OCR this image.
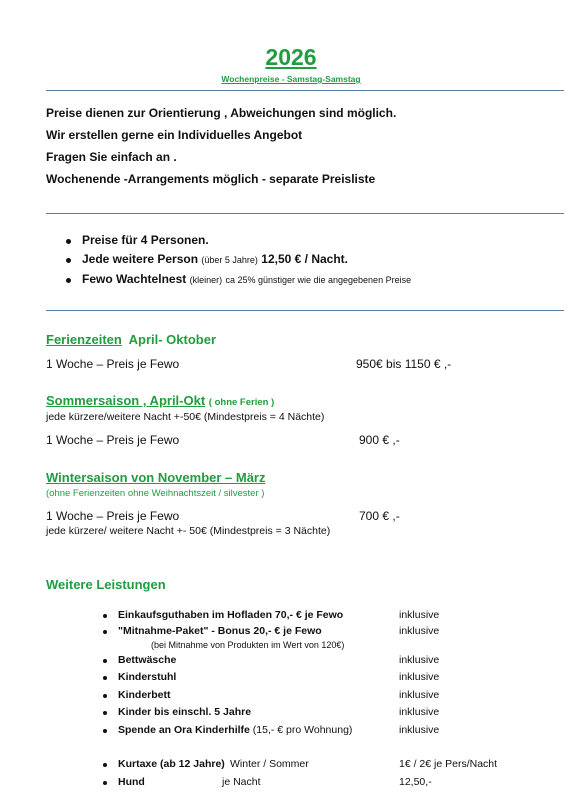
2026
Wochenpreise - Samstag-Samstag
Preise dienen zur Orientierung , Abweichungen sind möglich.
Wir erstellen gerne ein Individuelles Angebot
Fragen Sie einfach an .
Wochenende -Arrangements möglich - separate Preisliste
Preise für 4 Personen.
Jede weitere Person (über 5 Jahre) 12,50 € / Nacht.
Fewo Wachtelnest (kleiner) ca 25% günstiger wie die angegebenen Preise
Ferienzeiten April- Oktober
1 Woche – Preis je Fewo	950€ bis 1150 € ,-
Sommersaison , April-Okt ( ohne Ferien )
jede kürzere/weitere Nacht +-50€ (Mindestpreis = 4 Nächte)
1 Woche – Preis je Fewo	900 € ,-
Wintersaison von November – März
(ohne Ferienzeiten ohne Weihnachtszeit / silvester )
1 Woche – Preis je Fewo	700 € ,-
jede kürzere/ weitere Nacht +- 50€ (Mindestpreis = 3 Nächte)
Weitere Leistungen
Einkaufsguthaben im Hofladen 70,- € je Fewo	inklusive
"Mitnahme-Paket" - Bonus 20,- € je Fewo	inklusive
(bei Mitnahme von Produkten im Wert von 120€)
Bettwäsche	inklusive
Kinderstuhl	inklusive
Kinderbett	inklusive
Kinder bis einschl. 5 Jahre	inklusive
Spende an Ora Kinderhilfe (15,- € pro Wohnung)	inklusive
Kurtaxe (ab 12 Jahre) Winter / Sommer	1€ / 2€ je Pers/Nacht
Hund	je Nacht	12,50,-
